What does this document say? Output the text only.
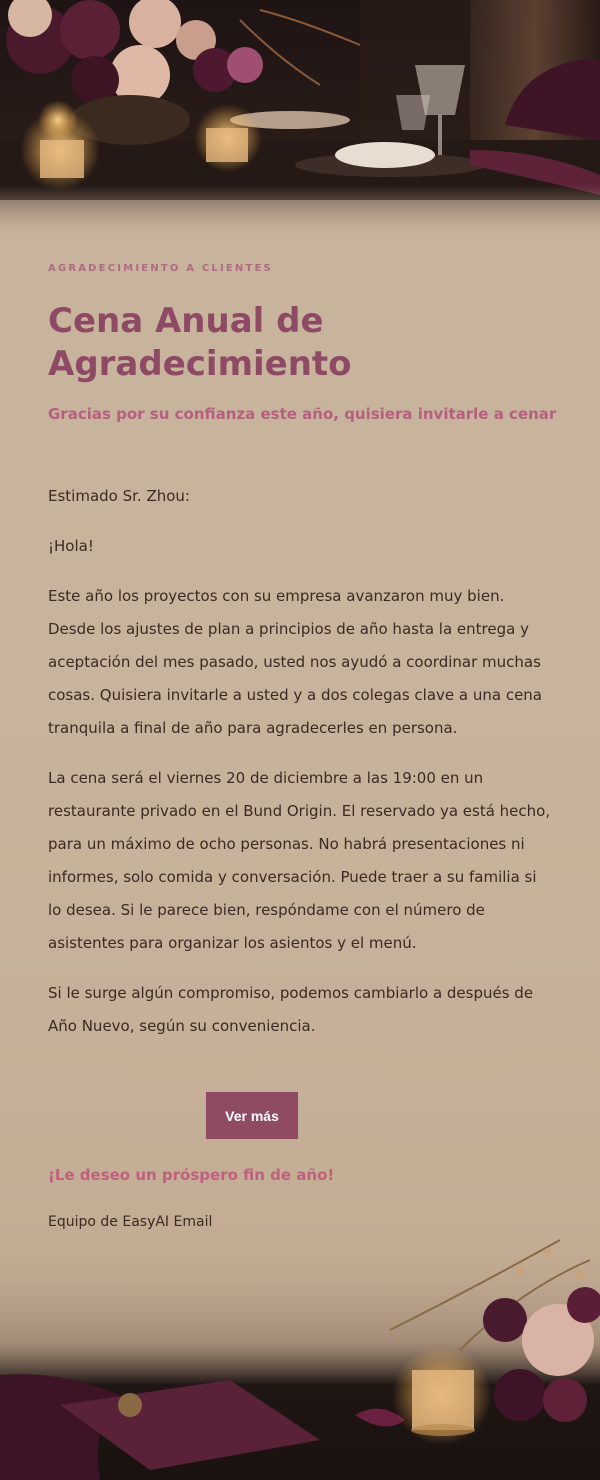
AGRADECIMIENTO A CLIENTES
Cena Anual de Agradecimiento
Gracias por su confianza este año, quisiera invitarle a cenar

Estimado Sr. Zhou:

¡Hola!

Este año los proyectos con su empresa avanzaron muy bien. Desde los ajustes de plan a principios de año hasta la entrega y aceptación del mes pasado, usted nos ayudó a coordinar muchas cosas. Quisiera invitarle a usted y a dos colegas clave a una cena tranquila a final de año para agradecerles en persona.

La cena será el viernes 20 de diciembre a las 19:00 en un restaurante privado en el Bund Origin. El reservado ya está hecho, para un máximo de ocho personas. No habrá presentaciones ni informes, solo comida y conversación. Puede traer a su familia si lo desea. Si le parece bien, respóndame con el número de asistentes para organizar los asientos y el menú.

Si le surge algún compromiso, podemos cambiarlo a después de Año Nuevo, según su conveniencia.

¡Le deseo un próspero fin de año!
Equipo de EasyAI Email
Ver más
